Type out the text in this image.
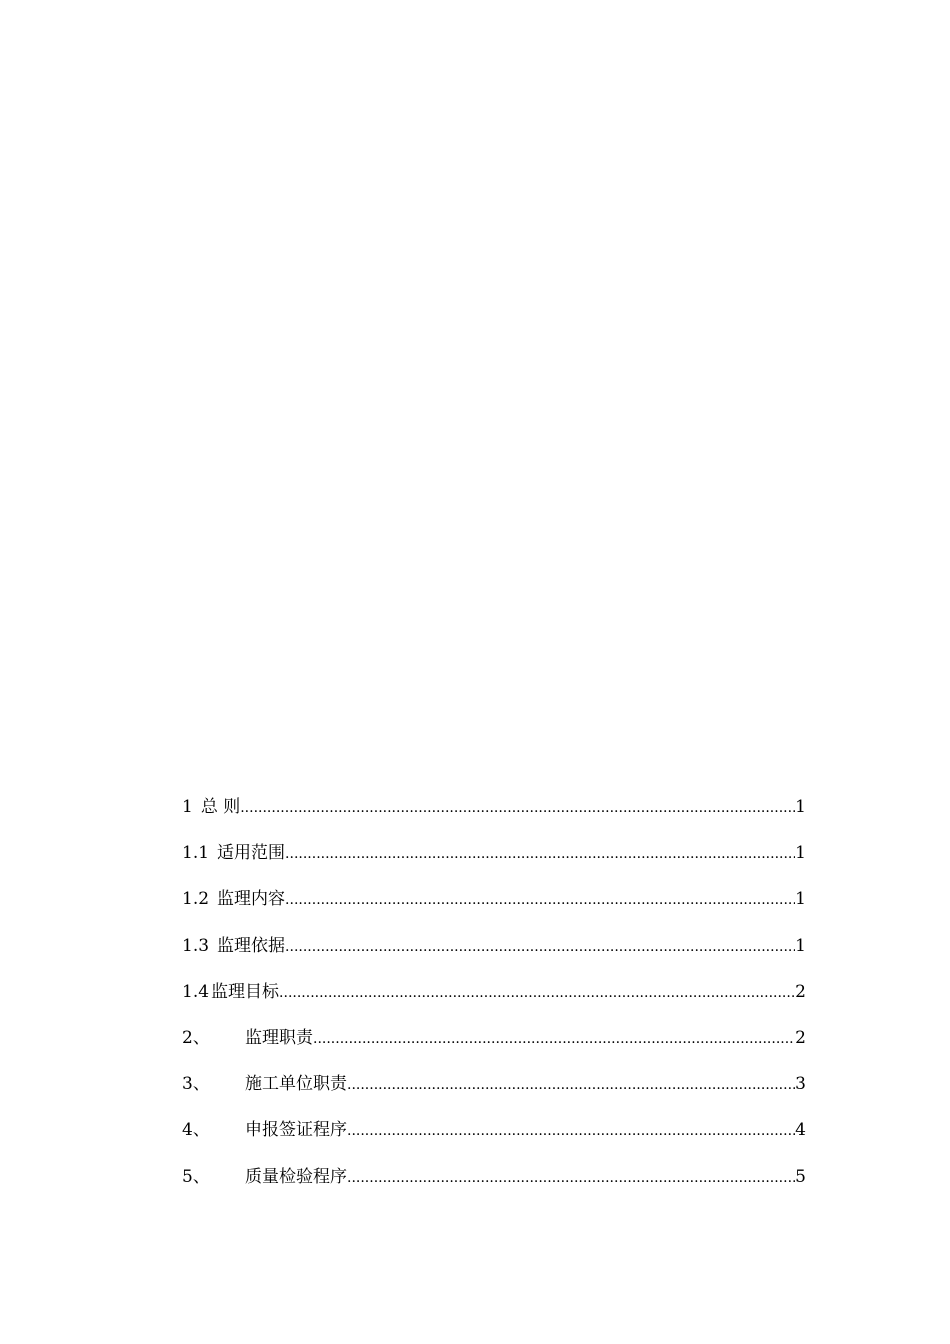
1 总 则 .....	1
1.1 适用范围 .....	1
1.2 监理内容 .....	1
1.3 监理依据 .....	1
1.4 监理目标 .....	2
2、	监理职责 .....	2
3、	施工单位职责 .....	3
4、	申报签证程序 .....	4
5、	质量检验程序 .....	5
